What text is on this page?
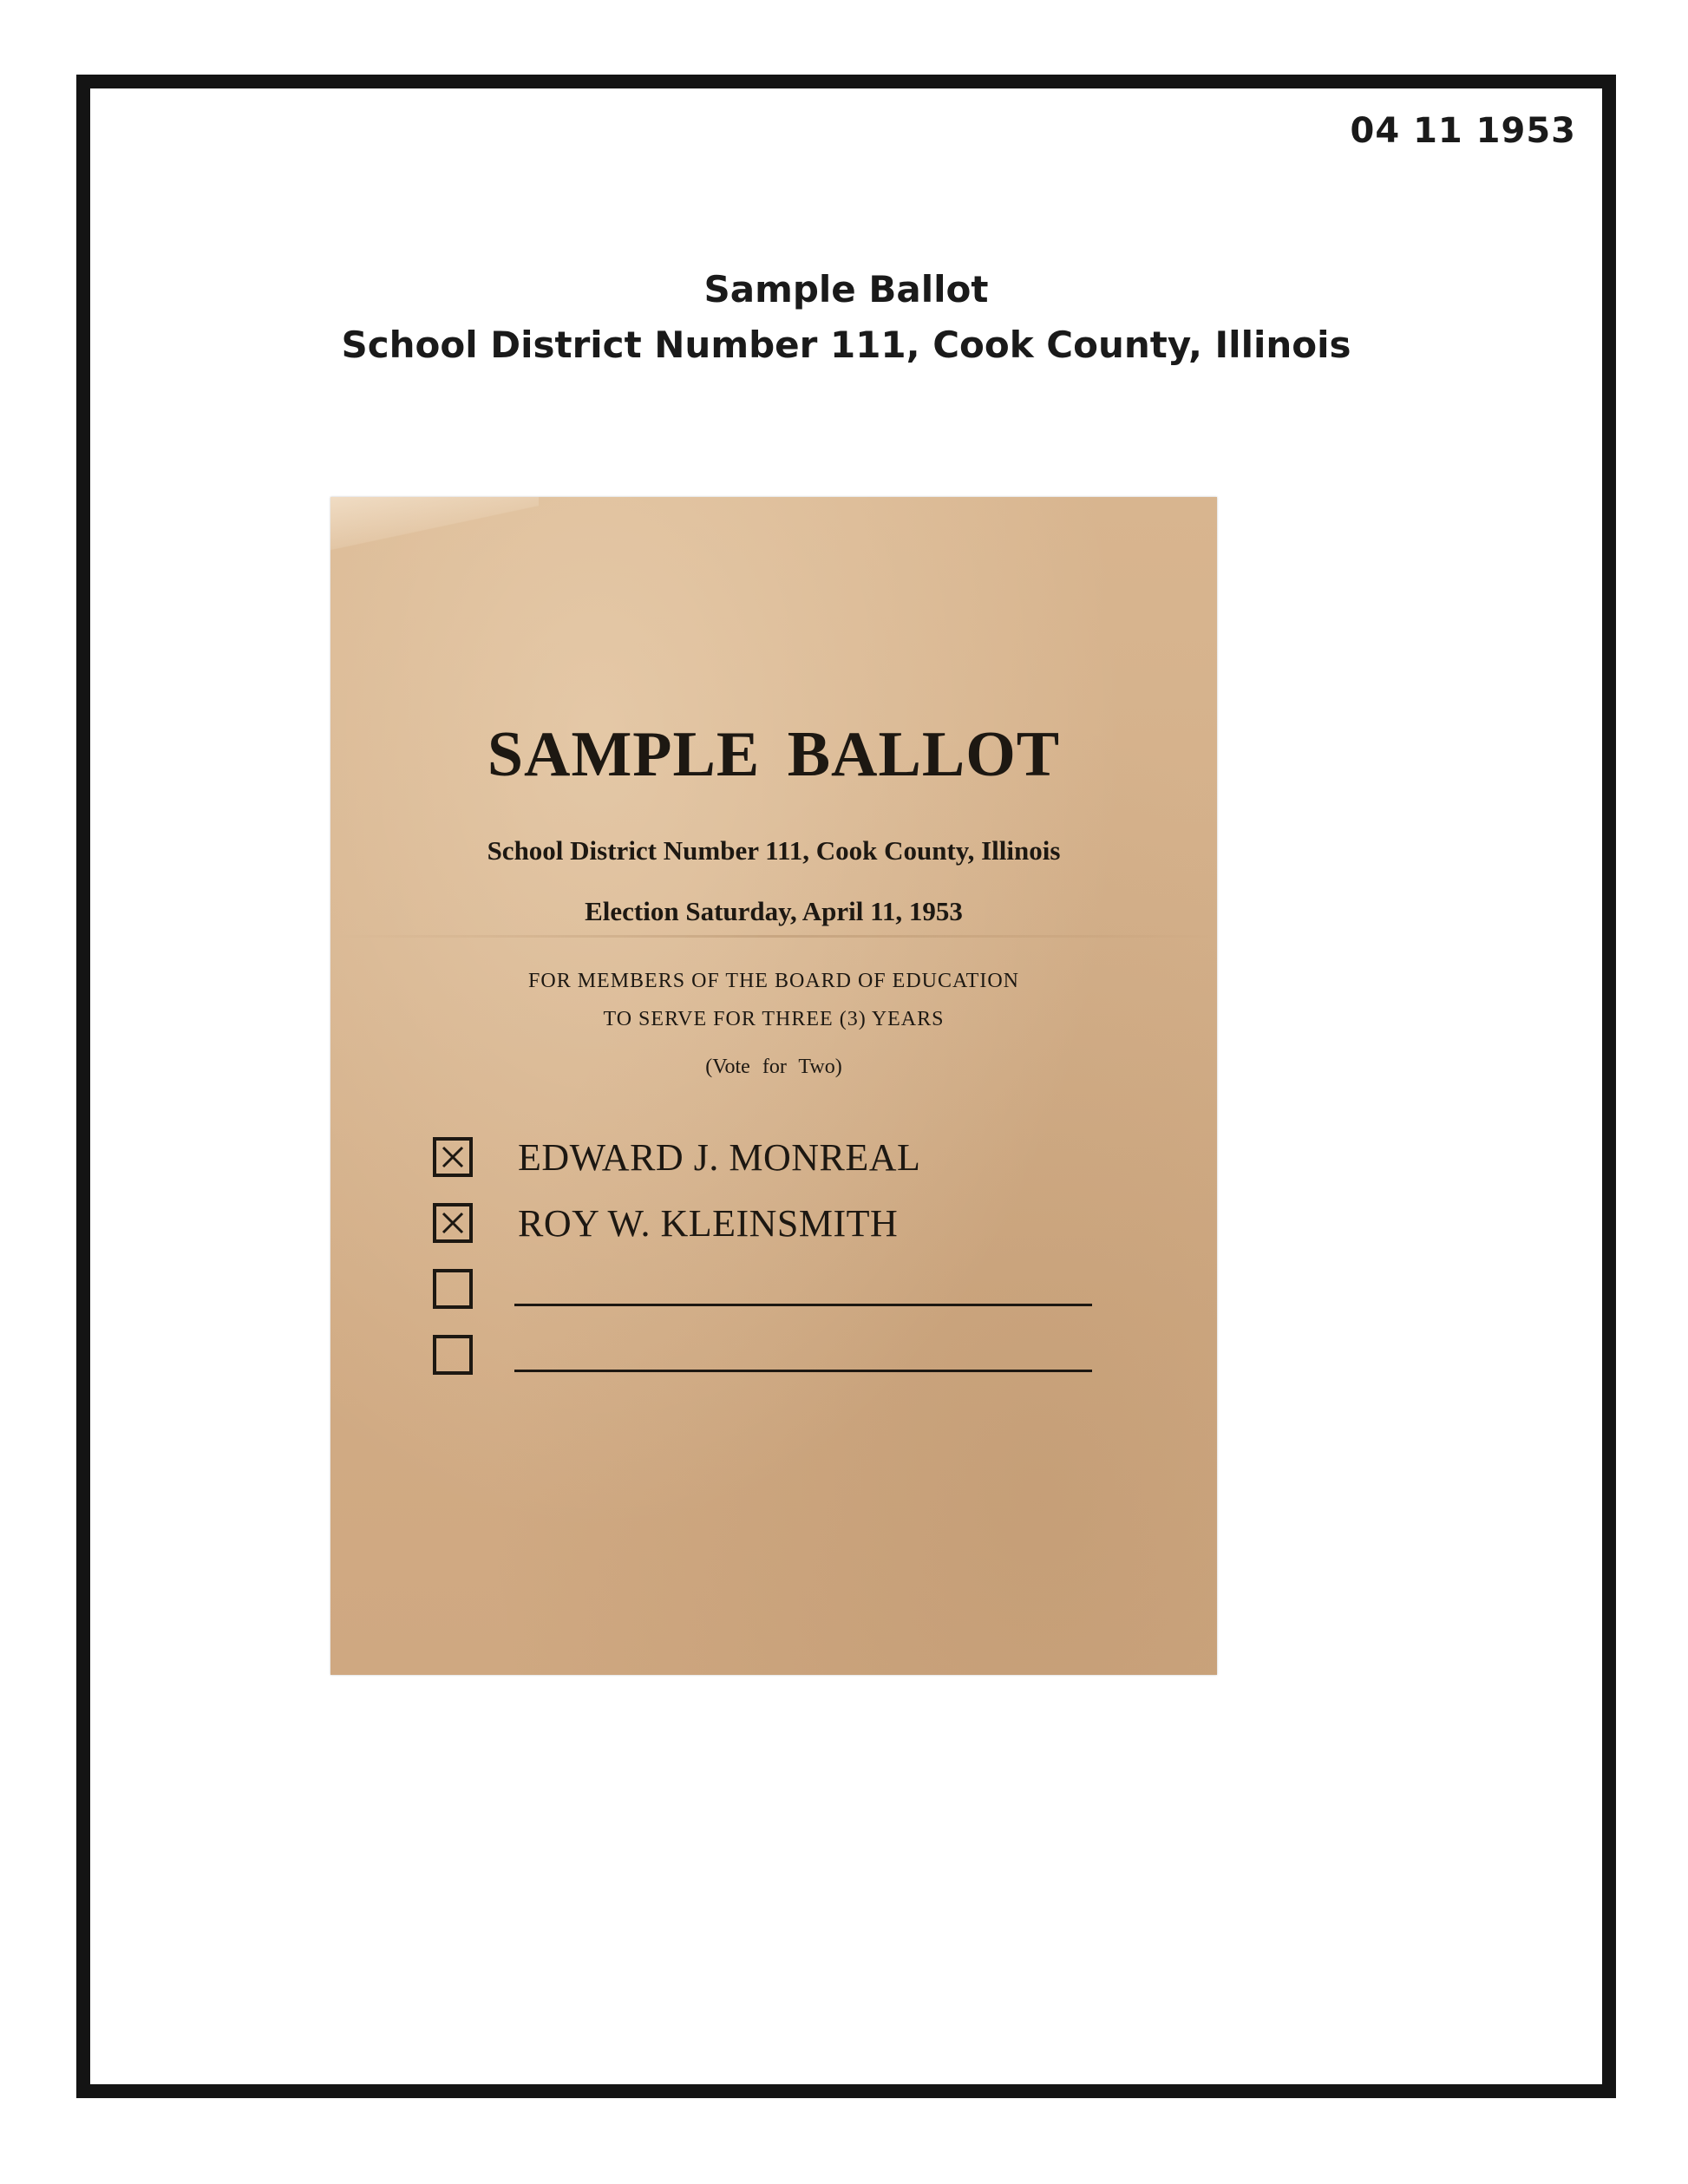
04 11 1953
Sample Ballot
School District Number 111, Cook County, Illinois
SAMPLE BALLOT
School District Number 111, Cook County, Illinois
Election Saturday, April 11, 1953
FOR MEMBERS OF THE BOARD OF EDUCATION
TO SERVE FOR THREE (3) YEARS
(Vote for Two)
EDWARD J. MONREAL
ROY W. KLEINSMITH
